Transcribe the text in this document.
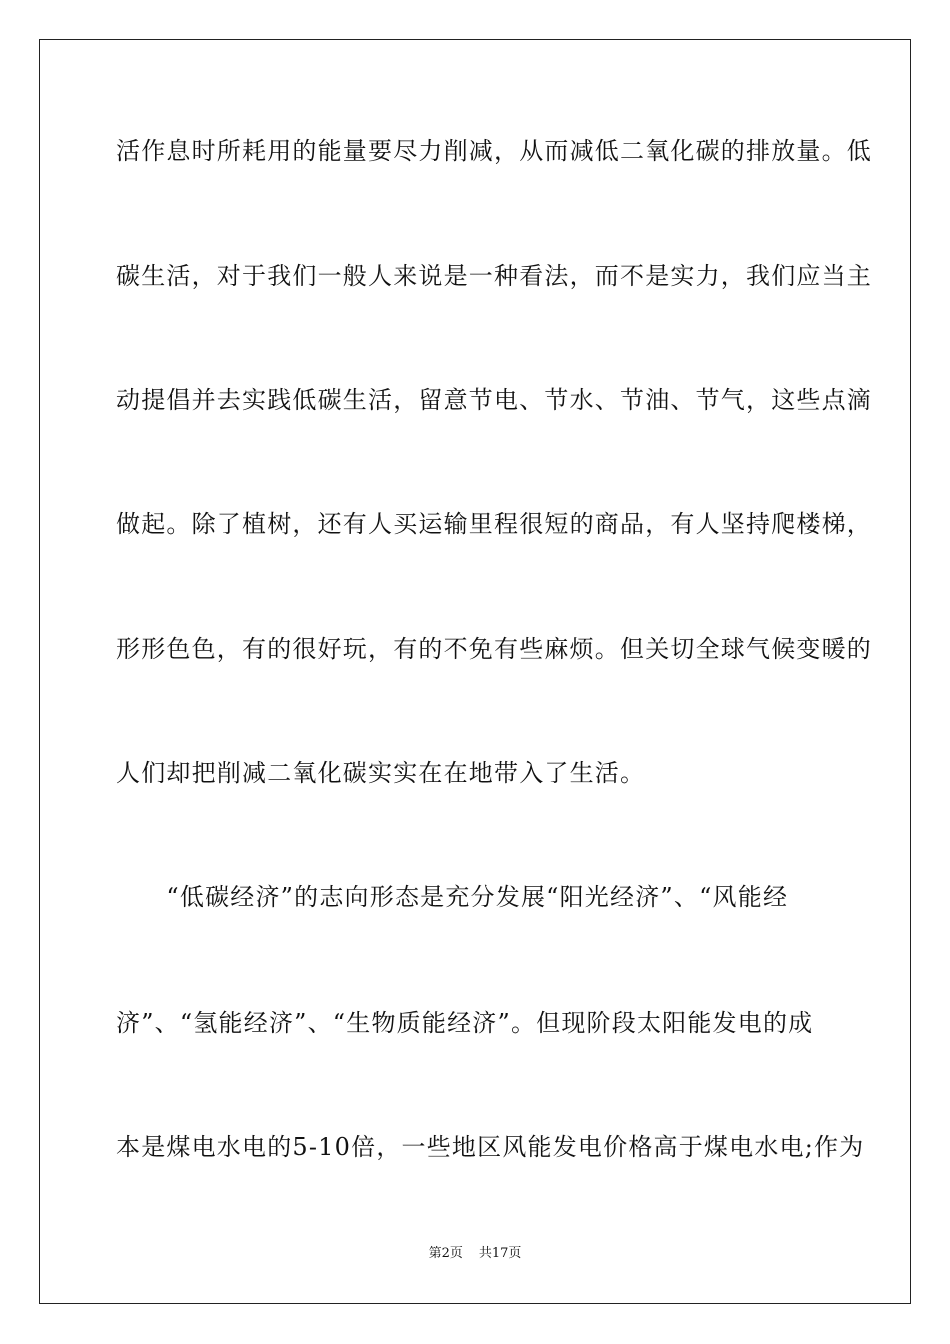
活作息时所耗用的能量要尽力削减，从而减低二氧化碳的排放量。低
碳生活，对于我们一般人来说是一种看法，而不是实力，我们应当主
动提倡并去实践低碳生活，留意节电、节水、节油、节气，这些点滴
做起。除了植树，还有人买运输里程很短的商品，有人坚持爬楼梯，
形形色色，有的很好玩，有的不免有些麻烦。但关切全球气候变暖的
人们却把削减二氧化碳实实在在地带入了生活。
　　“低碳经济”的志向形态是充分发展“阳光经济”、“风能经
济”、“氢能经济”、“生物质能经济”。但现阶段太阳能发电的成
本是煤电水电的5-10倍，一些地区风能发电价格高于煤电水电;作为
第2页 共17页
